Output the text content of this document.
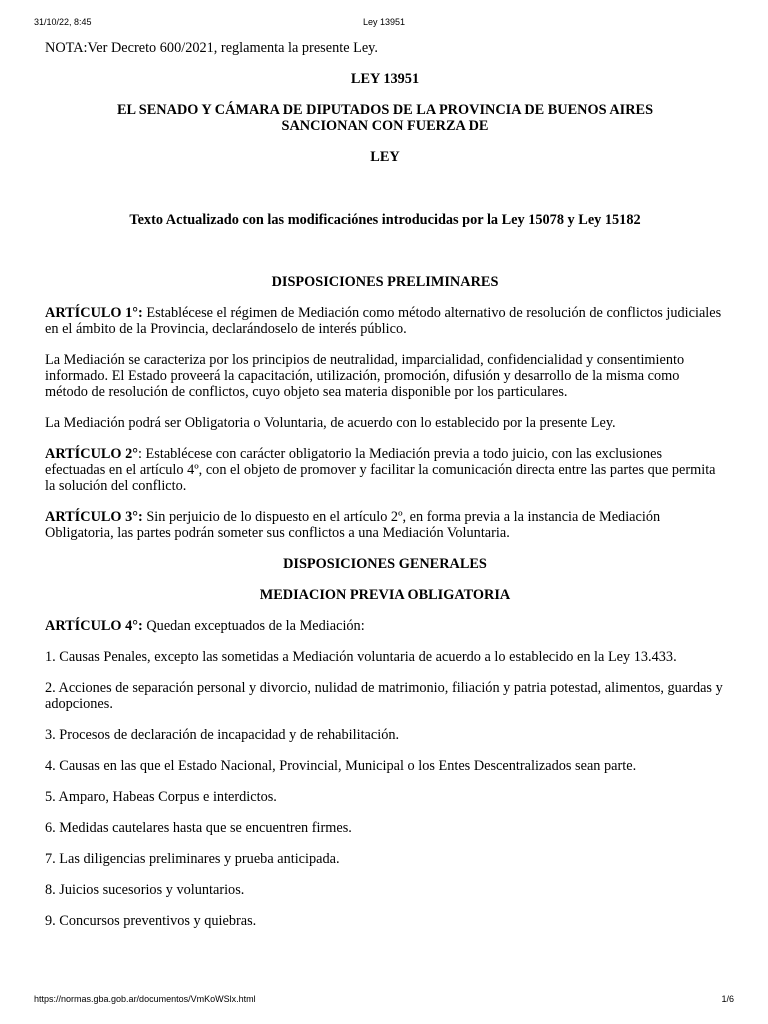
Ley 13951
31/10/22, 8:45

NOTA:Ver Decreto 600/2021, reglamenta la presente Ley.

LEY 13951

EL SENADO Y CÁMARA DE DIPUTADOS DE LA PROVINCIA DE BUENOS AIRES

SANCIONAN CON FUERZA DE

LEY

Texto Actualizado con las modificaciónes introducidas por la Ley 15078 y Ley 15182

DISPOSICIONES PRELIMINARES

ARTÍCULO 1°: Establécese el régimen de Mediación como método alternativo de resolución de conflictos judiciales en el ámbito de la Provincia, declarándoselo de interés público.

La Mediación se caracteriza por los principios de neutralidad, imparcialidad, confidencialidad y consentimiento informado. El Estado proveerá la capacitación, utilización, promoción, difusión y desarrollo de la misma como método de resolución de conflictos, cuyo objeto sea materia disponible por los particulares.

La Mediación podrá ser Obligatoria o Voluntaria, de acuerdo con lo establecido por la presente Ley.

ARTÍCULO 2°: Establécese con carácter obligatorio la Mediación previa a todo juicio, con las exclusiones efectuadas en el artículo 4º, con el objeto de promover y facilitar la comunicación directa entre las partes que permita la solución del conflicto.

ARTÍCULO 3°: Sin perjuicio de lo dispuesto en el artículo 2º, en forma previa a la instancia de Mediación Obligatoria, las partes podrán someter sus conflictos a una Mediación Voluntaria.

DISPOSICIONES GENERALES

MEDIACION PREVIA OBLIGATORIA

ARTÍCULO 4°: Quedan exceptuados de la Mediación:

1. Causas Penales, excepto las sometidas a Mediación voluntaria de acuerdo a lo establecido en la Ley 13.433.

2. Acciones de separación personal y divorcio, nulidad de matrimonio, filiación y patria potestad, alimentos, guardas y adopciones.

3. Procesos de declaración de incapacidad y de rehabilitación.

4. Causas en las que el Estado Nacional, Provincial, Municipal o los Entes Descentralizados sean parte.

5. Amparo, Habeas Corpus e interdictos.

6. Medidas cautelares hasta que se encuentren firmes.

7. Las diligencias preliminares y prueba anticipada.

8. Juicios sucesorios y voluntarios.

9. Concursos preventivos y quiebras.

https://normas.gba.gob.ar/documentos/VmKoWSlx.html	1/6
